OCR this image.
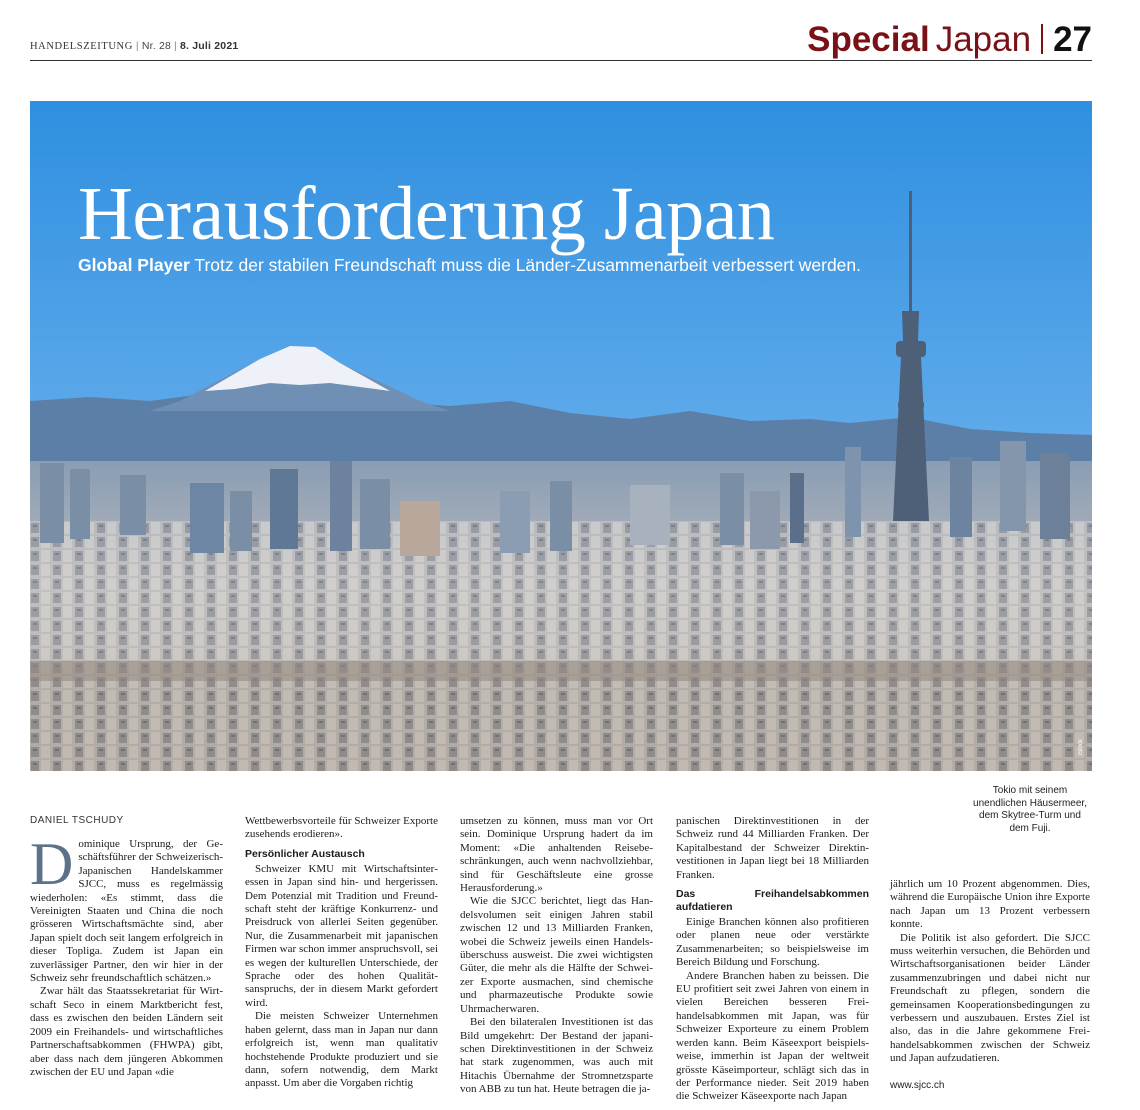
HANDELSZEITUNG | Nr. 28 | 8. Juli 2021	Special Japan 27
Herausforderung Japan
Global Player Trotz der stabilen Freundschaft muss die Länder-Zusammenarbeit verbessert werden.
iStock
Tokio mit seinem unendlichen Häusermeer, dem Skytree-Turm und dem Fuji.
DANIEL TSCHUDY
D ominique Ursprung, der Geschäftsführer der Schweizerisch-Japanischen Handelskammer SJCC, muss es regelmässig wiederholen: «Es stimmt, dass die Vereinigten Staaten und China die noch grösseren Wirtschaftsmächte sind, aber Japan spielt doch seit langem erfolgreich in dieser Topliga. Zudem ist Japan ein zuverlässiger Partner, den wir hier in der Schweiz sehr freundschaftlich schätzen.»

Zwar hält das Staatssekretariat für Wirtschaft Seco in einem Marktbericht fest, dass es zwischen den beiden Ländern seit 2009 ein Freihandels- und wirtschaftliches Partnerschaftsabkommen (FHWPA) gibt, aber dass nach dem jüngeren Abkommen zwischen der EU und Japan «die

Wettbewerbsvorteile für Schweizer Exporte zusehends erodieren».

Persönlicher Austausch

Schweizer KMU mit Wirtschaftsinteressen in Japan sind hin- und hergerissen. Dem Potenzial mit Tradition und Freundschaft steht der kräftige Konkurrenz- und Preisdruck von allerlei Seiten gegenüber. Nur, die Zusammenarbeit mit japanischen Firmen war schon immer anspruchsvoll, sei es wegen der kulturellen Unterschiede, der Sprache oder des hohen Qualitätsanspruchs, der in diesem Markt gefordert wird.

Die meisten Schweizer Unternehmen haben gelernt, dass man in Japan nur dann erfolgreich ist, wenn man qualitativ hochstehende Produkte produziert und sie dann, sofern notwendig, dem Markt anpasst. Um aber die Vorgaben richtig

umsetzen zu können, muss man vor Ort sein. Dominique Ursprung hadert da im Moment: «Die anhaltenden Reisebeschränkungen, auch wenn nachvollziehbar, sind für Geschäftsleute eine grosse Herausforderung.»

Wie die SJCC berichtet, liegt das Handelsvolumen seit einigen Jahren stabil zwischen 12 und 13 Milliarden Franken, wobei die Schweiz jeweils einen Handelsüberschuss ausweist. Die zwei wichtigsten Güter, die mehr als die Hälfte der Schweizer Exporte ausmachen, sind chemische und pharmazeutische Produkte sowie Uhrmacherwaren.

Bei den bilateralen Investitionen ist das Bild umgekehrt: Der Bestand der japanischen Direktinvestitionen in der Schweiz hat stark zugenommen, was auch mit Hitachis Übernahme der Stromnetzsparte von ABB zu tun hat. Heute betragen die ja-

panischen Direktinvestitionen in der Schweiz rund 44 Milliarden Franken. Der Kapitalbestand der Schweizer Direktinvestitionen in Japan liegt bei 18 Milliarden Franken.

Das Freihandelsabkommen aufdatieren

Einige Branchen können also profitieren oder planen neue oder verstärkte Zusammenarbeiten; so beispielsweise im Bereich Bildung und Forschung.

Andere Branchen haben zu beissen. Die EU profitiert seit zwei Jahren von einem in vielen Bereichen besseren Freihandelsabkommen mit Japan, was für Schweizer Exporteure zu einem Problem werden kann. Beim Käseexport beispielsweise, immerhin ist Japan der weltweit grösste Käseimporteur, schlägt sich das in der Performance nieder. Seit 2019 haben die Schweizer Käseexporte nach Japan

jährlich um 10 Prozent abgenommen. Dies, während die Europäische Union ihre Exporte nach Japan um 13 Prozent verbessern konnte.

Die Politik ist also gefordert. Die SJCC muss weiterhin versuchen, die Behörden und Wirtschaftsorganisationen beider Länder zusammenzubringen und dabei nicht nur Freundschaft zu pflegen, sondern die gemeinsamen Kooperationsbedingungen zu verbessern und auszubauen. Erstes Ziel ist also, das in die Jahre gekommene Freihandelsabkommen zwischen der Schweiz und Japan aufzudatieren.

www.sjcc.ch
